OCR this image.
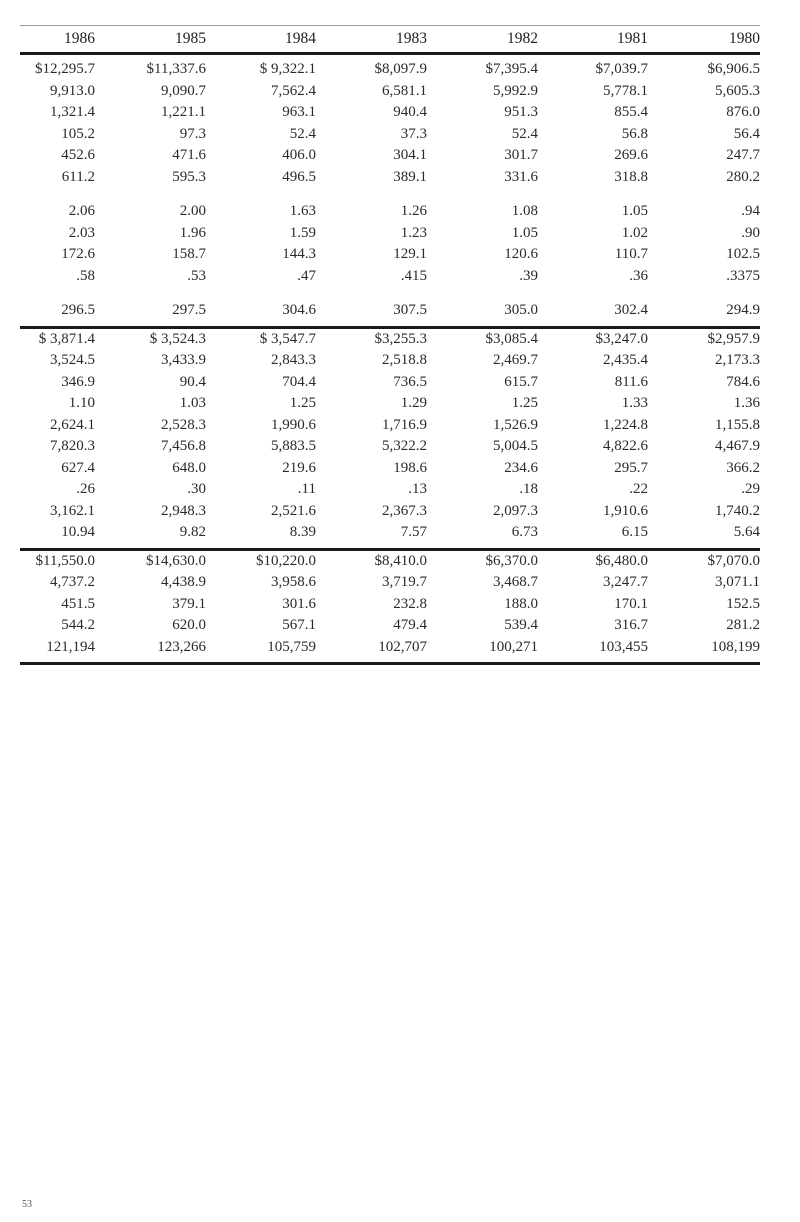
1986	1985	1984	1983	1982	1981	1980

$12,295.7	$11,337.6	$ 9,322.1	$8,097.9	$7,395.4	$7,039.7	$6,906.5
9,913.0	9,090.7	7,562.4	6,581.1	5,992.9	5,778.1	5,605.3
1,321.4	1,221.1	963.1	940.4	951.3	855.4	876.0
105.2	97.3	52.4	37.3	52.4	56.8	56.4
452.6	471.6	406.0	304.1	301.7	269.6	247.7
611.2	595.3	496.5	389.1	331.6	318.8	280.2

2.06	2.00	1.63	1.26	1.08	1.05	.94
2.03	1.96	1.59	1.23	1.05	1.02	.90
172.6	158.7	144.3	129.1	120.6	110.7	102.5
.58	.53	.47	.415	.39	.36	.3375

296.5	297.5	304.6	307.5	305.0	302.4	294.9

$ 3,871.4	$ 3,524.3	$ 3,547.7	$3,255.3	$3,085.4	$3,247.0	$2,957.9
3,524.5	3,433.9	2,843.3	2,518.8	2,469.7	2,435.4	2,173.3
346.9	90.4	704.4	736.5	615.7	811.6	784.6
1.10	1.03	1.25	1.29	1.25	1.33	1.36
2,624.1	2,528.3	1,990.6	1,716.9	1,526.9	1,224.8	1,155.8
7,820.3	7,456.8	5,883.5	5,322.2	5,004.5	4,822.6	4,467.9
627.4	648.0	219.6	198.6	234.6	295.7	366.2
.26	.30	.11	.13	.18	.22	.29
3,162.1	2,948.3	2,521.6	2,367.3	2,097.3	1,910.6	1,740.2
10.94	9.82	8.39	7.57	6.73	6.15	5.64

$11,550.0	$14,630.0	$10,220.0	$8,410.0	$6,370.0	$6,480.0	$7,070.0
4,737.2	4,438.9	3,958.6	3,719.7	3,468.7	3,247.7	3,071.1
451.5	379.1	301.6	232.8	188.0	170.1	152.5
544.2	620.0	567.1	479.4	539.4	316.7	281.2
121,194	123,266	105,759	102,707	100,271	103,455	108,199

53
